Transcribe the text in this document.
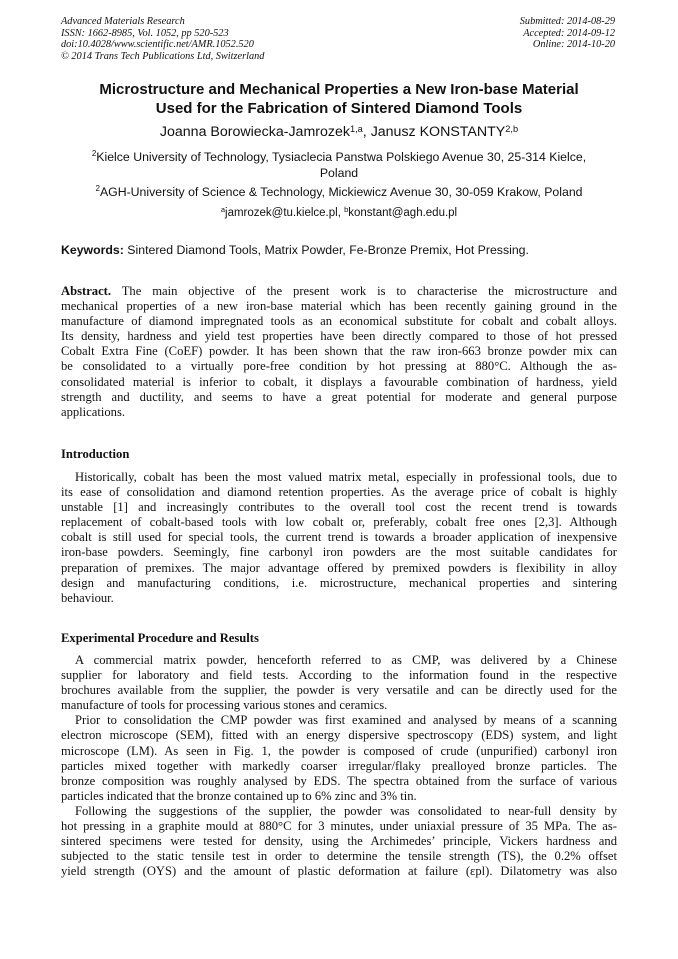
Advanced Materials Research
ISSN: 1662-8985, Vol. 1052, pp 520-523
doi:10.4028/www.scientific.net/AMR.1052.520
© 2014 Trans Tech Publications Ltd, Switzerland
Submitted: 2014-08-29
Accepted: 2014-09-12
Online: 2014-10-20
Microstructure and Mechanical Properties a New Iron-base Material
Used for the Fabrication of Sintered Diamond Tools
Joanna Borowiecka-Jamrozek$^{1,a}$, Janusz KONSTANTY$^{2,b}$
$^2$Kielce University of Technology, Tysiaclecia Panstwa Polskiego Avenue 30, 25-314 Kielce,
Poland
$^2$AGH-University of Science & Technology, Mickiewicz Avenue 30, 30-059 Krakow, Poland
$^a$jamrozek@tu.kielce.pl, $^b$konstant@agh.edu.pl
Keywords: Sintered Diamond Tools, Matrix Powder, Fe-Bronze Premix, Hot Pressing.
Abstract. The main objective of the present work is to characterise the microstructure and
mechanical properties of a new iron-base material which has been recently gaining ground in the
manufacture of diamond impregnated tools as an economical substitute for cobalt and cobalt alloys.
Its density, hardness and yield test properties have been directly compared to those of hot pressed
Cobalt Extra Fine (CoEF) powder. It has been shown that the raw iron-663 bronze powder mix can
be consolidated to a virtually pore-free condition by hot pressing at 880°C. Although the as-
consolidated material is inferior to cobalt, it displays a favourable combination of hardness, yield
strength and ductility, and seems to have a great potential for moderate and general purpose
applications.
Introduction
Historically, cobalt has been the most valued matrix metal, especially in professional tools, due to
its ease of consolidation and diamond retention properties. As the average price of cobalt is highly
unstable [1] and increasingly contributes to the overall tool cost the recent trend is towards
replacement of cobalt-based tools with low cobalt or, preferably, cobalt free ones [2,3]. Although
cobalt is still used for special tools, the current trend is towards a broader application of inexpensive
iron-base powders. Seemingly, fine carbonyl iron powders are the most suitable candidates for
preparation of premixes. The major advantage offered by premixed powders is flexibility in alloy
design and manufacturing conditions, i.e. microstructure, mechanical properties and sintering
behaviour.
Experimental Procedure and Results
A commercial matrix powder, henceforth referred to as CMP, was delivered by a Chinese
supplier for laboratory and field tests. According to the information found in the respective
brochures available from the supplier, the powder is very versatile and can be directly used for the
manufacture of tools for processing various stones and ceramics.
Prior to consolidation the CMP powder was first examined and analysed by means of a scanning
electron microscope (SEM), fitted with an energy dispersive spectroscopy (EDS) system, and light
microscope (LM). As seen in Fig. 1, the powder is composed of crude (unpurified) carbonyl iron
particles mixed together with markedly coarser irregular/flaky prealloyed bronze particles. The
bronze composition was roughly analysed by EDS. The spectra obtained from the surface of various
particles indicated that the bronze contained up to 6% zinc and 3% tin.
Following the suggestions of the supplier, the powder was consolidated to near-full density by
hot pressing in a graphite mould at 880°C for 3 minutes, under uniaxial pressure of 35 MPa. The as-
sintered specimens were tested for density, using the Archimedes’ principle, Vickers hardness and
subjected to the static tensile test in order to determine the tensile strength (TS), the 0.2% offset
yield strength (OYS) and the amount of plastic deformation at failure (εpl). Dilatometry was also
